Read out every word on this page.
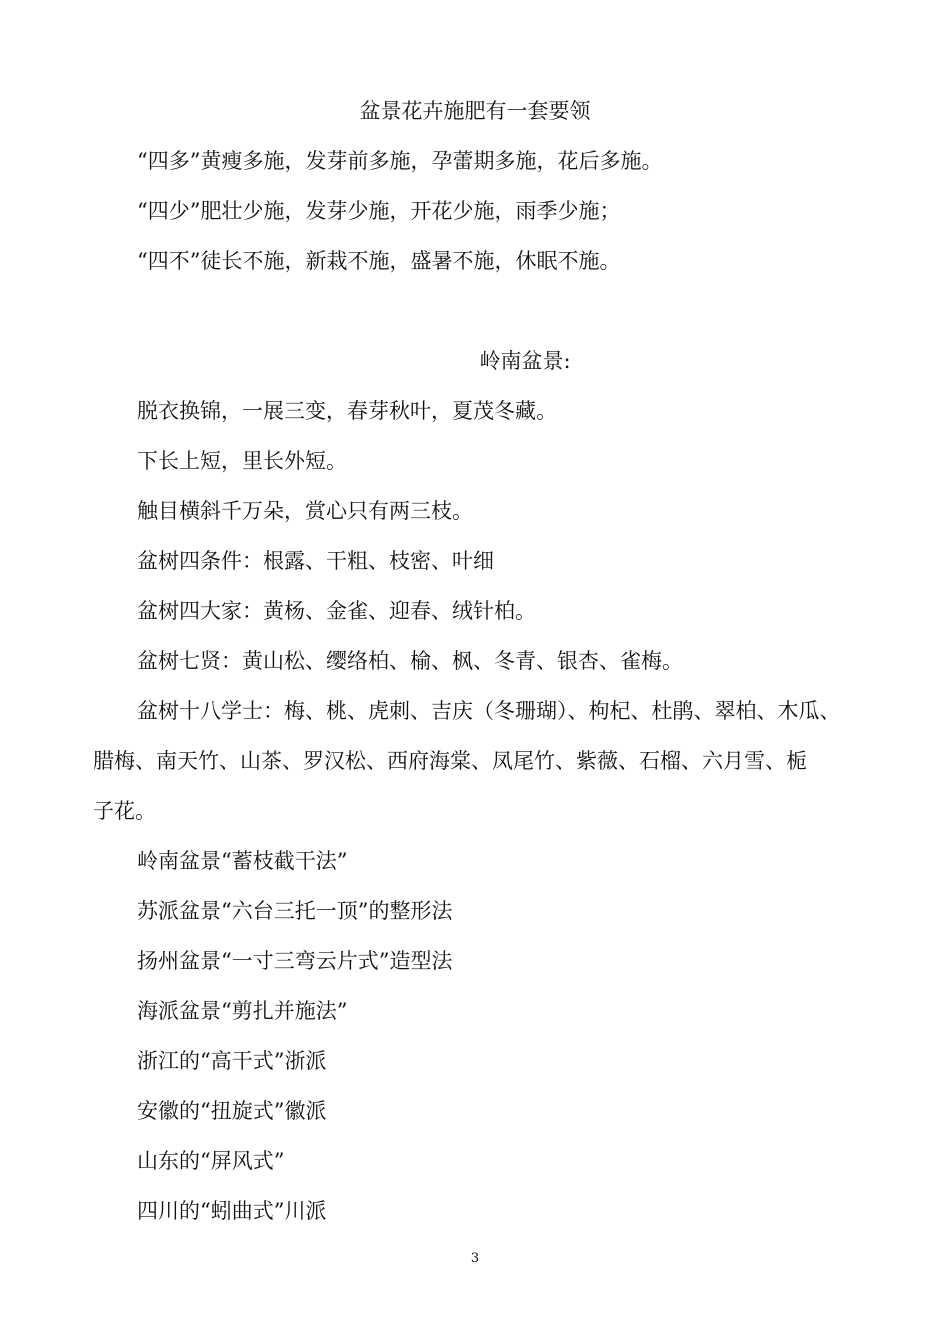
盆景花卉施肥有一套要领
“四多”黄瘦多施，发芽前多施，孕蕾期多施，花后多施。
“四少”肥壮少施，发芽少施，开花少施，雨季少施；
“四不”徒长不施，新栽不施，盛暑不施，休眠不施。
岭南盆景:
脱衣换锦，一展三变，春芽秋叶，夏茂冬藏。
下长上短，里长外短。
触目横斜千万朵，赏心只有两三枝。
盆树四条件：根露、干粗、枝密、叶细
盆树四大家：黄杨、金雀、迎春、绒针柏。
盆树七贤：黄山松、缨络柏、榆、枫、冬青、银杏、雀梅。
盆树十八学士：梅、桃、虎刺、吉庆（冬珊瑚）、枸杞、杜鹃、翠柏、木瓜、
腊梅、南天竹、山茶、罗汉松、西府海棠、凤尾竹、紫薇、石榴、六月雪、栀
子花。
岭南盆景“蓄枝截干法”
苏派盆景“六台三托一顶”的整形法
扬州盆景“一寸三弯云片式”造型法
海派盆景“剪扎并施法”
浙江的“高干式”浙派
安徽的“扭旋式”徽派
山东的“屏风式”
四川的“蚓曲式”川派
3
